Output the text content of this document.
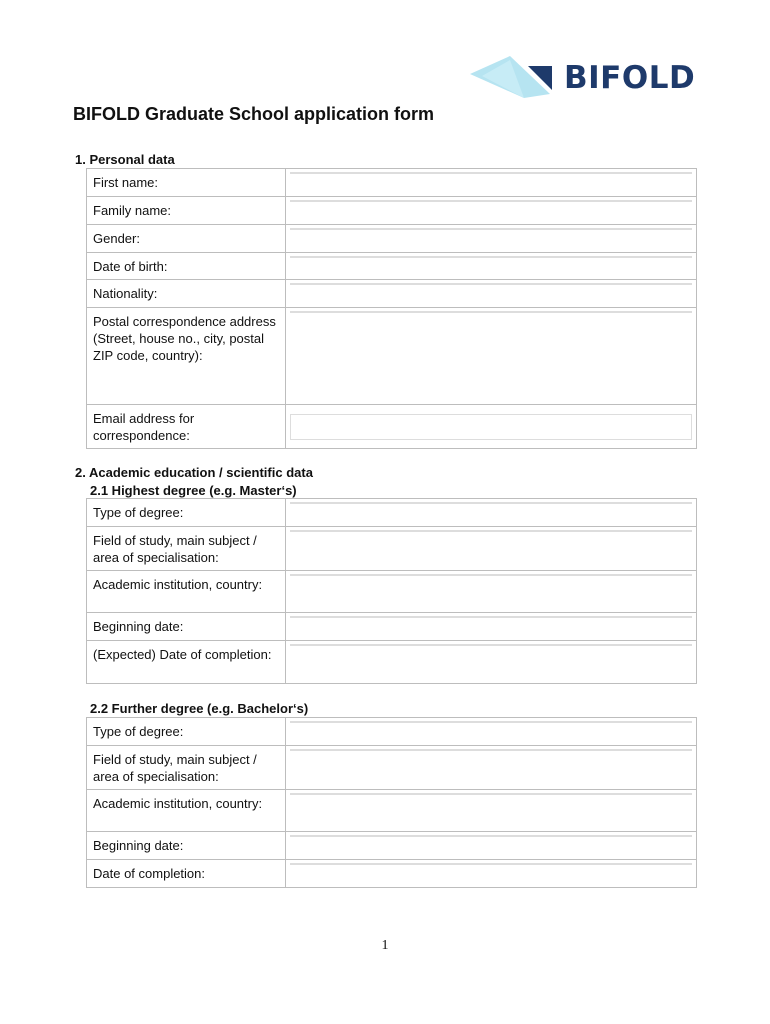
BIFOLD
BIFOLD Graduate School application form
1. Personal data
First name:	

Family name:	

Gender:	

Date of birth:	

Nationality:	

Postal correspondence address (Street, house no., city, postal ZIP code, country):	

Email address for correspondence:	
2. Academic education / scientific data
2.1 Highest degree (e.g. Master‘s)
Type of degree:	

Field of study, main subject / area of specialisation:	

Academic institution, country:	

Beginning date:	

(Expected) Date of completion:	
2.2 Further degree (e.g. Bachelor‘s)
Type of degree:	

Field of study, main subject / area of specialisation:	

Academic institution, country:	

Beginning date:	

Date of completion:	
1
